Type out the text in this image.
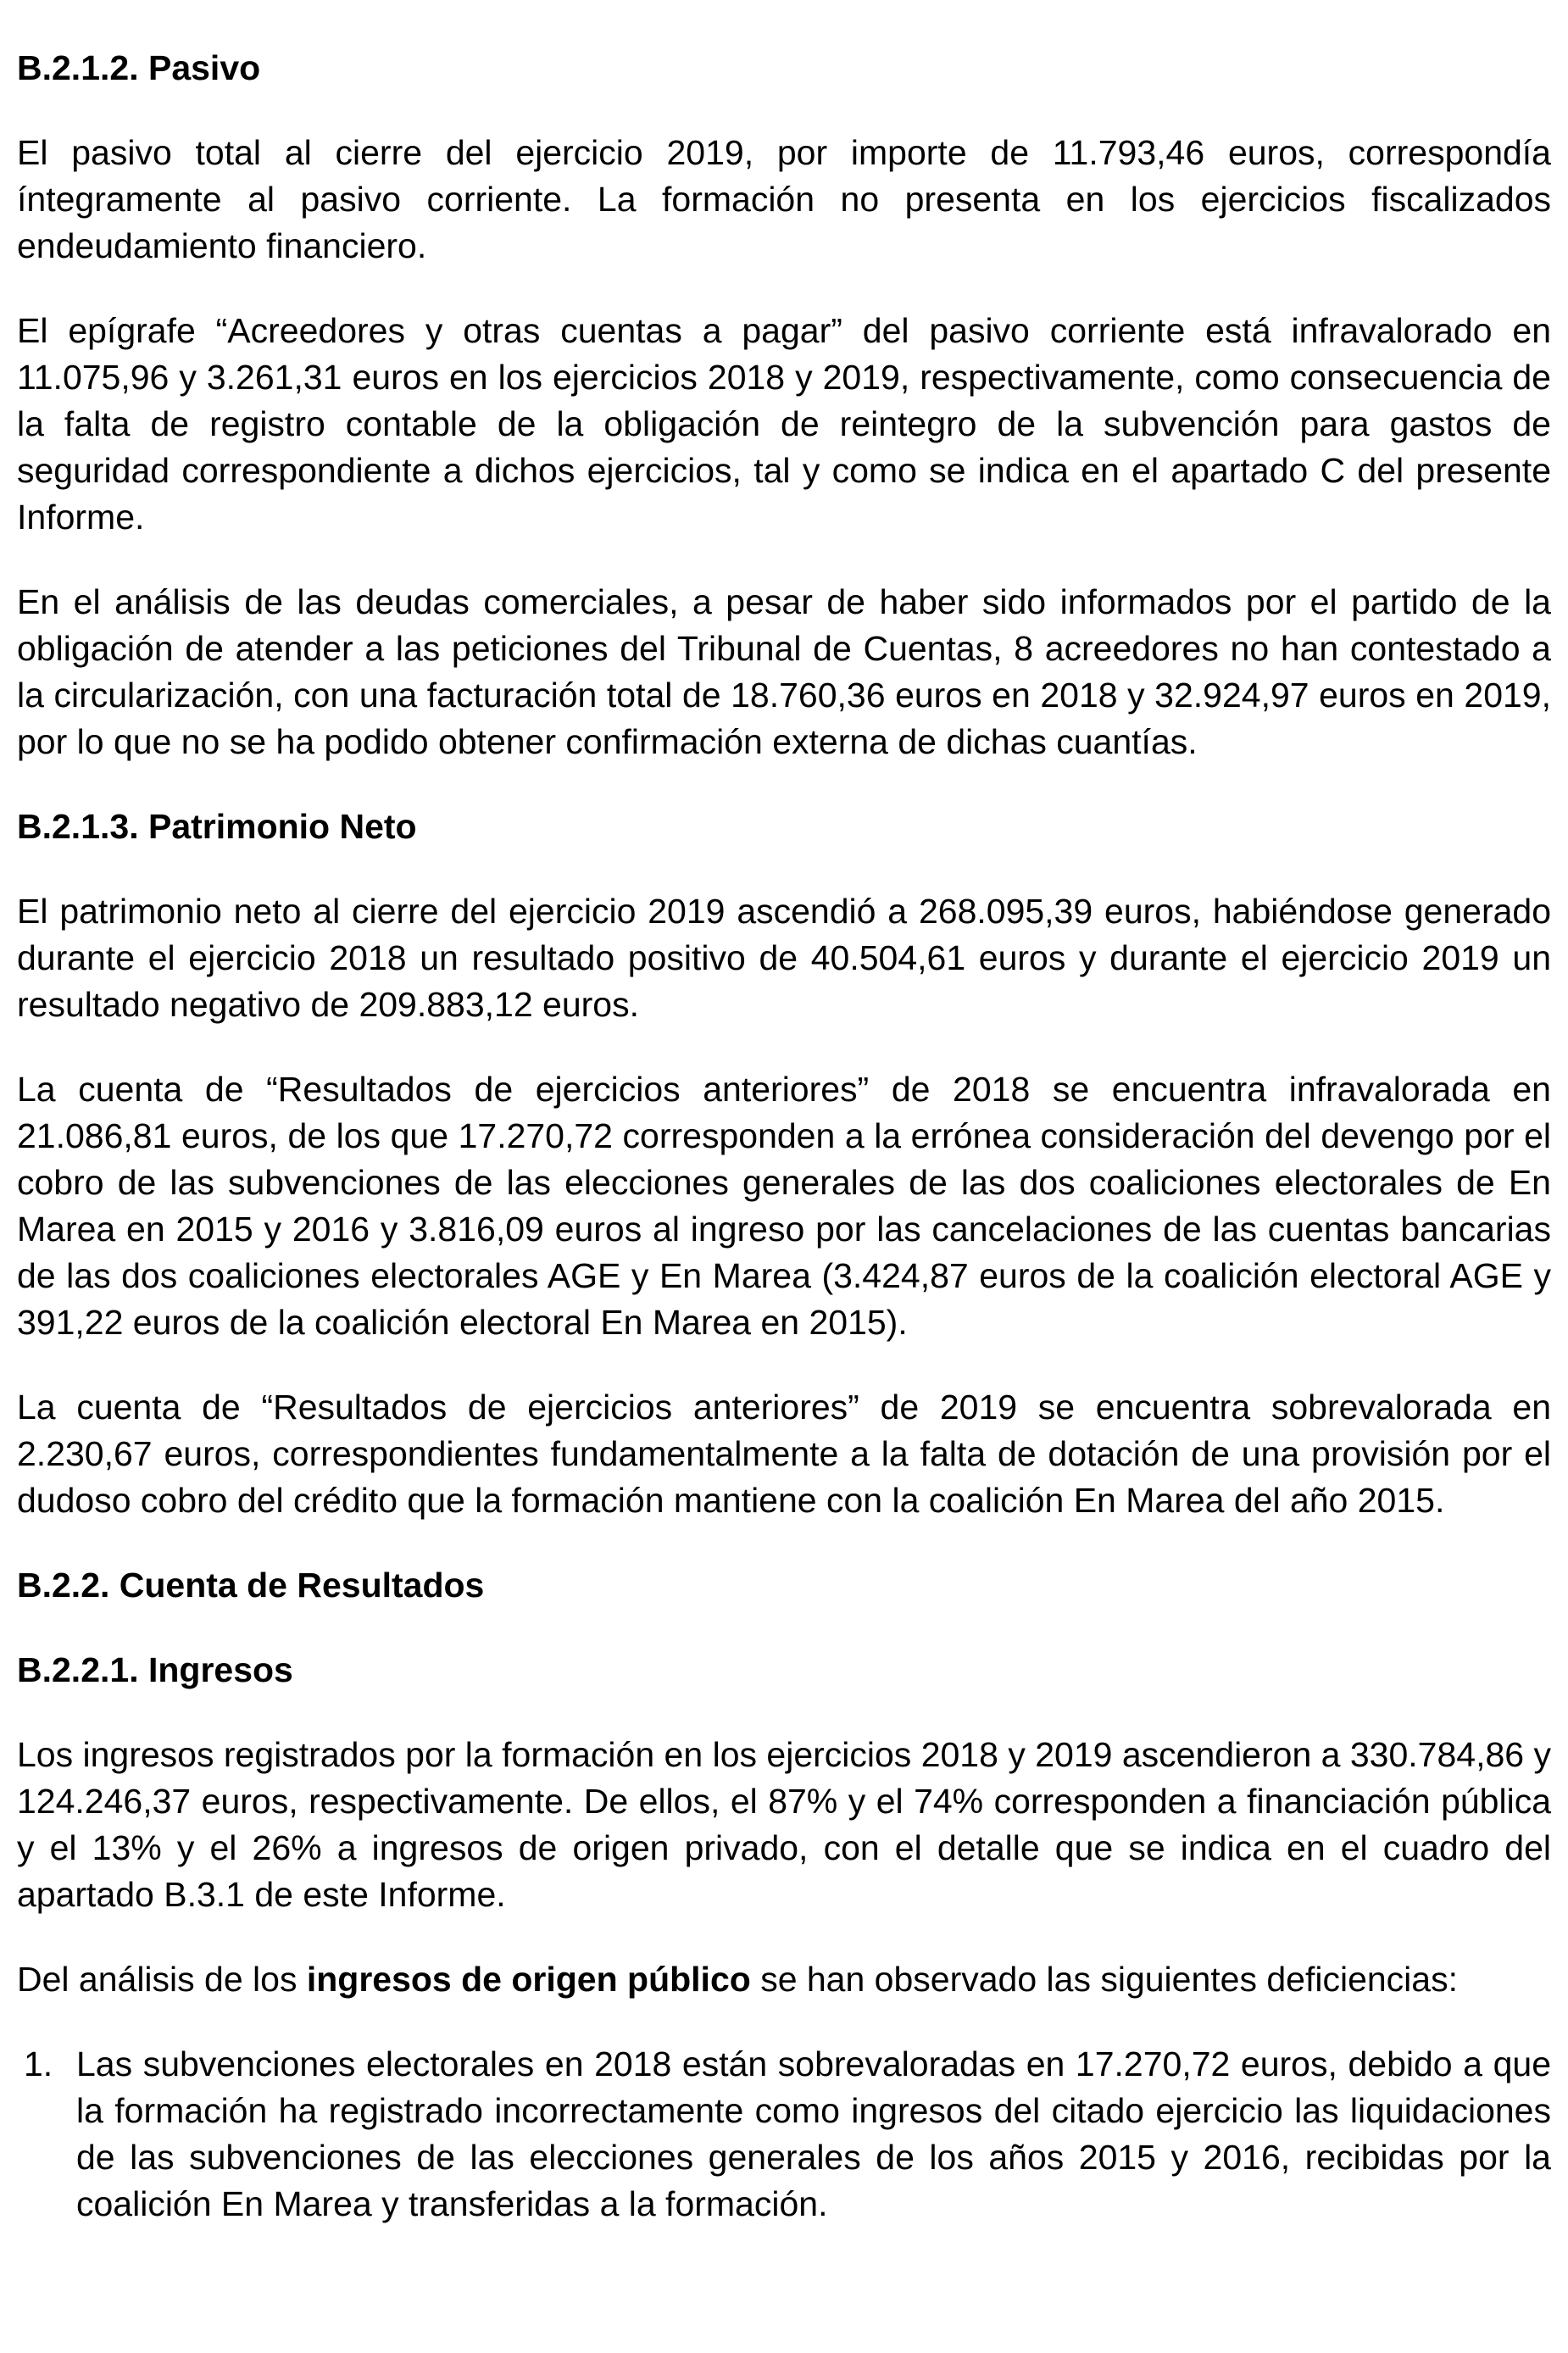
B.2.1.2. Pasivo

El pasivo total al cierre del ejercicio 2019, por importe de 11.793,46 euros, correspondía íntegramente al pasivo corriente. La formación no presenta en los ejercicios fiscalizados endeudamiento financiero.

El epígrafe “Acreedores y otras cuentas a pagar” del pasivo corriente está infravalorado en 11.075,96 y 3.261,31 euros en los ejercicios 2018 y 2019, respectivamente, como consecuencia de la falta de registro contable de la obligación de reintegro de la subvención para gastos de seguridad correspondiente a dichos ejercicios, tal y como se indica en el apartado C del presente Informe.

En el análisis de las deudas comerciales, a pesar de haber sido informados por el partido de la obligación de atender a las peticiones del Tribunal de Cuentas, 8 acreedores no han contestado a la circularización, con una facturación total de 18.760,36 euros en 2018 y 32.924,97 euros en 2019, por lo que no se ha podido obtener confirmación externa de dichas cuantías.

B.2.1.3. Patrimonio Neto

El patrimonio neto al cierre del ejercicio 2019 ascendió a 268.095,39 euros, habiéndose generado durante el ejercicio 2018 un resultado positivo de 40.504,61 euros y durante el ejercicio 2019 un resultado negativo de 209.883,12 euros.

La cuenta de “Resultados de ejercicios anteriores” de 2018 se encuentra infravalorada en 21.086,81 euros, de los que 17.270,72 corresponden a la errónea consideración del devengo por el cobro de las subvenciones de las elecciones generales de las dos coaliciones electorales de En Marea en 2015 y 2016 y 3.816,09 euros al ingreso por las cancelaciones de las cuentas bancarias de las dos coaliciones electorales AGE y En Marea (3.424,87 euros de la coalición electoral AGE y 391,22 euros de la coalición electoral En Marea en 2015).

La cuenta de “Resultados de ejercicios anteriores” de 2019 se encuentra sobrevalorada en 2.230,67 euros, correspondientes fundamentalmente a la falta de dotación de una provisión por el dudoso cobro del crédito que la formación mantiene con la coalición En Marea del año 2015.

B.2.2. Cuenta de Resultados
B.2.2.1. Ingresos

Los ingresos registrados por la formación en los ejercicios 2018 y 2019 ascendieron a 330.784,86 y 124.246,37 euros, respectivamente. De ellos, el 87% y el 74% corresponden a financiación pública y el 13% y el 26% a ingresos de origen privado, con el detalle que se indica en el cuadro del apartado B.3.1 de este Informe.

Del análisis de los ingresos de origen público se han observado las siguientes deficiencias:

1. Las subvenciones electorales en 2018 están sobrevaloradas en 17.270,72 euros, debido a que la formación ha registrado incorrectamente como ingresos del citado ejercicio las liquidaciones de las subvenciones de las elecciones generales de los años 2015 y 2016, recibidas por la coalición En Marea y transferidas a la formación.
